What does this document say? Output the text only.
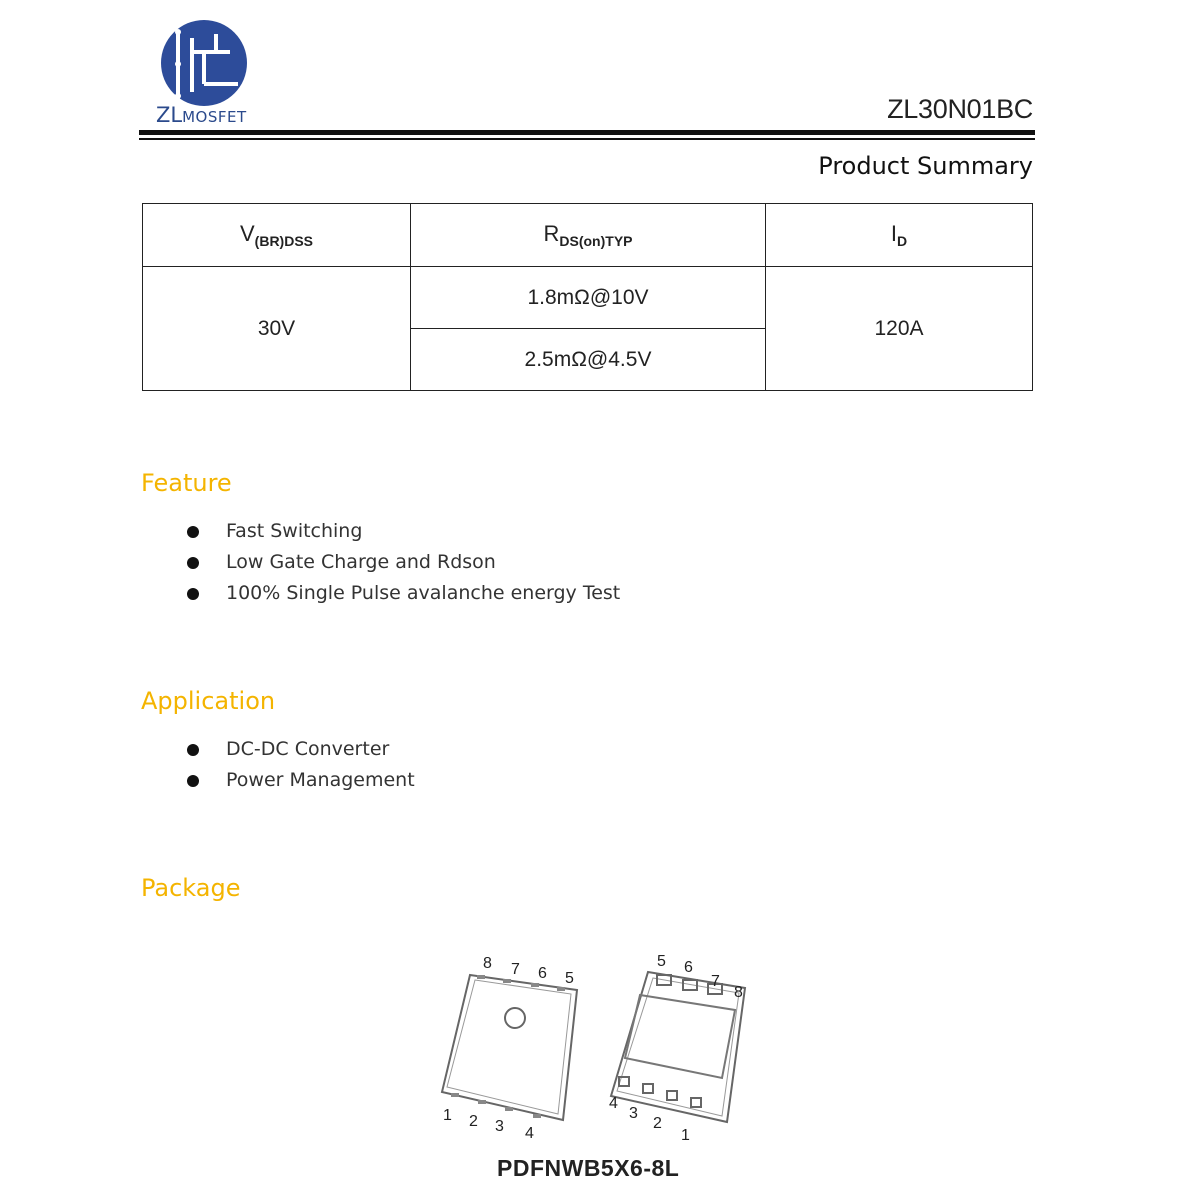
ZLMOSFET	ZL30N01BC
Product Summary
$V_{(BR)DSS}$	$R_{DS(on)TYP}$	$I_D$
30V	1.8mΩ@10V	120A
	2.5mΩ@4.5V	
Feature
Fast Switching
Low Gate Charge and Rdson
100% Single Pulse avalanche energy Test
Application
DC-DC Converter
Power Management
Package
8 7 6 5
1 2 3 4
5 6
7
8
4
3
2
1
PDFNWB5X6-8L
